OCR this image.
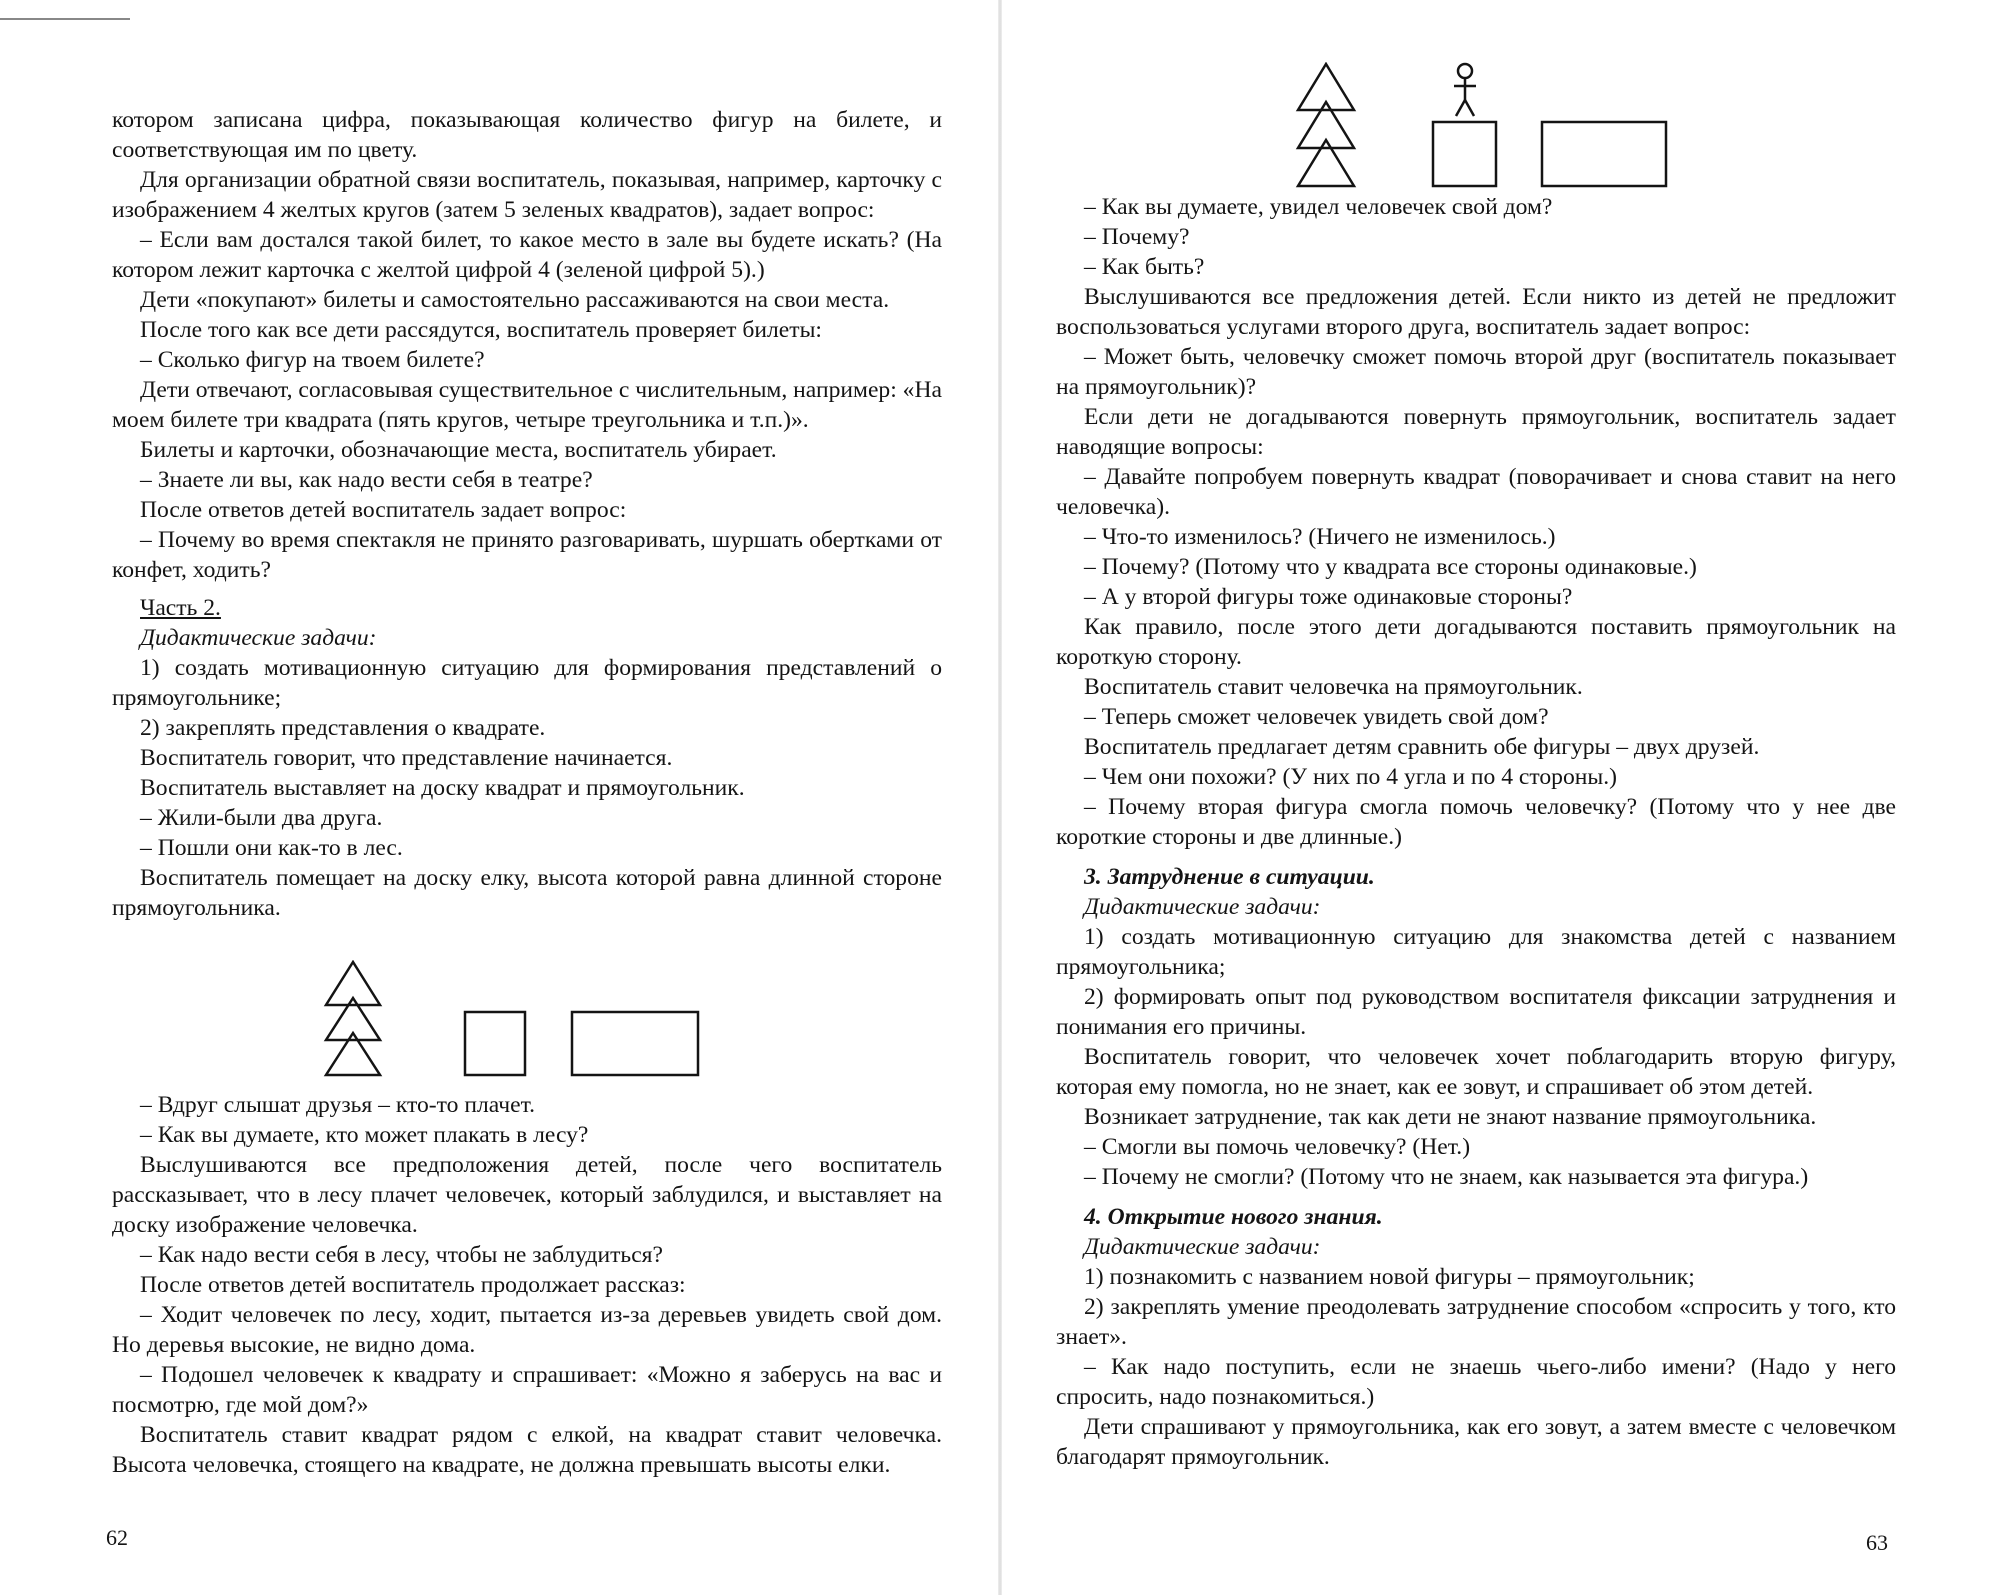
котором записана цифра, показывающая количество фигур на билете, и соответствующая им по цвету.

Для организации обратной связи воспитатель, показывая, например, карточку с изображением 4 желтых кругов (затем 5 зеленых квадратов), задает вопрос:

– Если вам достался такой билет, то какое место в зале вы будете искать? (На котором лежит карточка с желтой цифрой 4 (зеленой цифрой 5).)

Дети «покупают» билеты и самостоятельно рассаживаются на свои места.

После того как все дети рассядутся, воспитатель проверяет билеты:

– Сколько фигур на твоем билете?

Дети отвечают, согласовывая существительное с числительным, например: «На моем билете три квадрата (пять кругов, четыре треугольника и т.п.)».

Билеты и карточки, обозначающие места, воспитатель убирает.

– Знаете ли вы, как надо вести себя в театре?

После ответов детей воспитатель задает вопрос:

– Почему во время спектакля не принято разговаривать, шуршать обертками от конфет, ходить?

Часть 2.

Дидактические задачи:

1) создать мотивационную ситуацию для формирования представлений о прямоугольнике;

2) закреплять представления о квадрате.

Воспитатель говорит, что представление начинается.

Воспитатель выставляет на доску квадрат и прямоугольник.

– Жили-были два друга.

– Пошли они как-то в лес.

Воспитатель помещает на доску елку, высота которой равна длинной стороне прямоугольника.

– Вдруг слышат друзья – кто-то плачет.

– Как вы думаете, кто может плакать в лесу?

Выслушиваются все предположения детей, после чего воспитатель рассказывает, что в лесу плачет человечек, который заблудился, и выставляет на доску изображение человечка.

– Как надо вести себя в лесу, чтобы не заблудиться?

После ответов детей воспитатель продолжает рассказ:

– Ходит человечек по лесу, ходит, пытается из-за деревьев увидеть свой дом. Но деревья высокие, не видно дома.

– Подошел человечек к квадрату и спрашивает: «Можно я заберусь на вас и посмотрю, где мой дом?»

Воспитатель ставит квадрат рядом с елкой, на квадрат ставит человечка. Высота человечка, стоящего на квадрате, не должна превышать высоты елки.

62

– Как вы думаете, увидел человечек свой дом?

– Почему?

– Как быть?

Выслушиваются все предложения детей. Если никто из детей не предложит воспользоваться услугами второго друга, воспитатель задает вопрос:

– Может быть, человечку сможет помочь второй друг (воспитатель показывает на прямоугольник)?

Если дети не догадываются повернуть прямоугольник, воспитатель задает наводящие вопросы:

– Давайте попробуем повернуть квадрат (поворачивает и снова ставит на него человечка).

– Что-то изменилось? (Ничего не изменилось.)

– Почему? (Потому что у квадрата все стороны одинаковые.)

– А у второй фигуры тоже одинаковые стороны?

Как правило, после этого дети догадываются поставить прямоугольник на короткую сторону.

Воспитатель ставит человечка на прямоугольник.

– Теперь сможет человечек увидеть свой дом?

Воспитатель предлагает детям сравнить обе фигуры – двух друзей.

– Чем они похожи? (У них по 4 угла и по 4 стороны.)

– Почему вторая фигура смогла помочь человечку? (Потому что у нее две короткие стороны и две длинные.)

3. Затруднение в ситуации.

Дидактические задачи:

1) создать мотивационную ситуацию для знакомства детей с названием прямоугольника;

2) формировать опыт под руководством воспитателя фиксации затруднения и понимания его причины.

Воспитатель говорит, что человечек хочет поблагодарить вторую фигуру, которая ему помогла, но не знает, как ее зовут, и спрашивает об этом детей.

Возникает затруднение, так как дети не знают название прямоугольника.

– Смогли вы помочь человечку? (Нет.)

– Почему не смогли? (Потому что не знаем, как называется эта фигура.)

4. Открытие нового знания.

Дидактические задачи:

1) познакомить с названием новой фигуры – прямоугольник;

2) закреплять умение преодолевать затруднение способом «спросить у того, кто знает».

– Как надо поступить, если не знаешь чьего-либо имени? (Надо у него спросить, надо познакомиться.)

Дети спрашивают у прямоугольника, как его зовут, а затем вместе с человечком благодарят прямоугольник.

63
